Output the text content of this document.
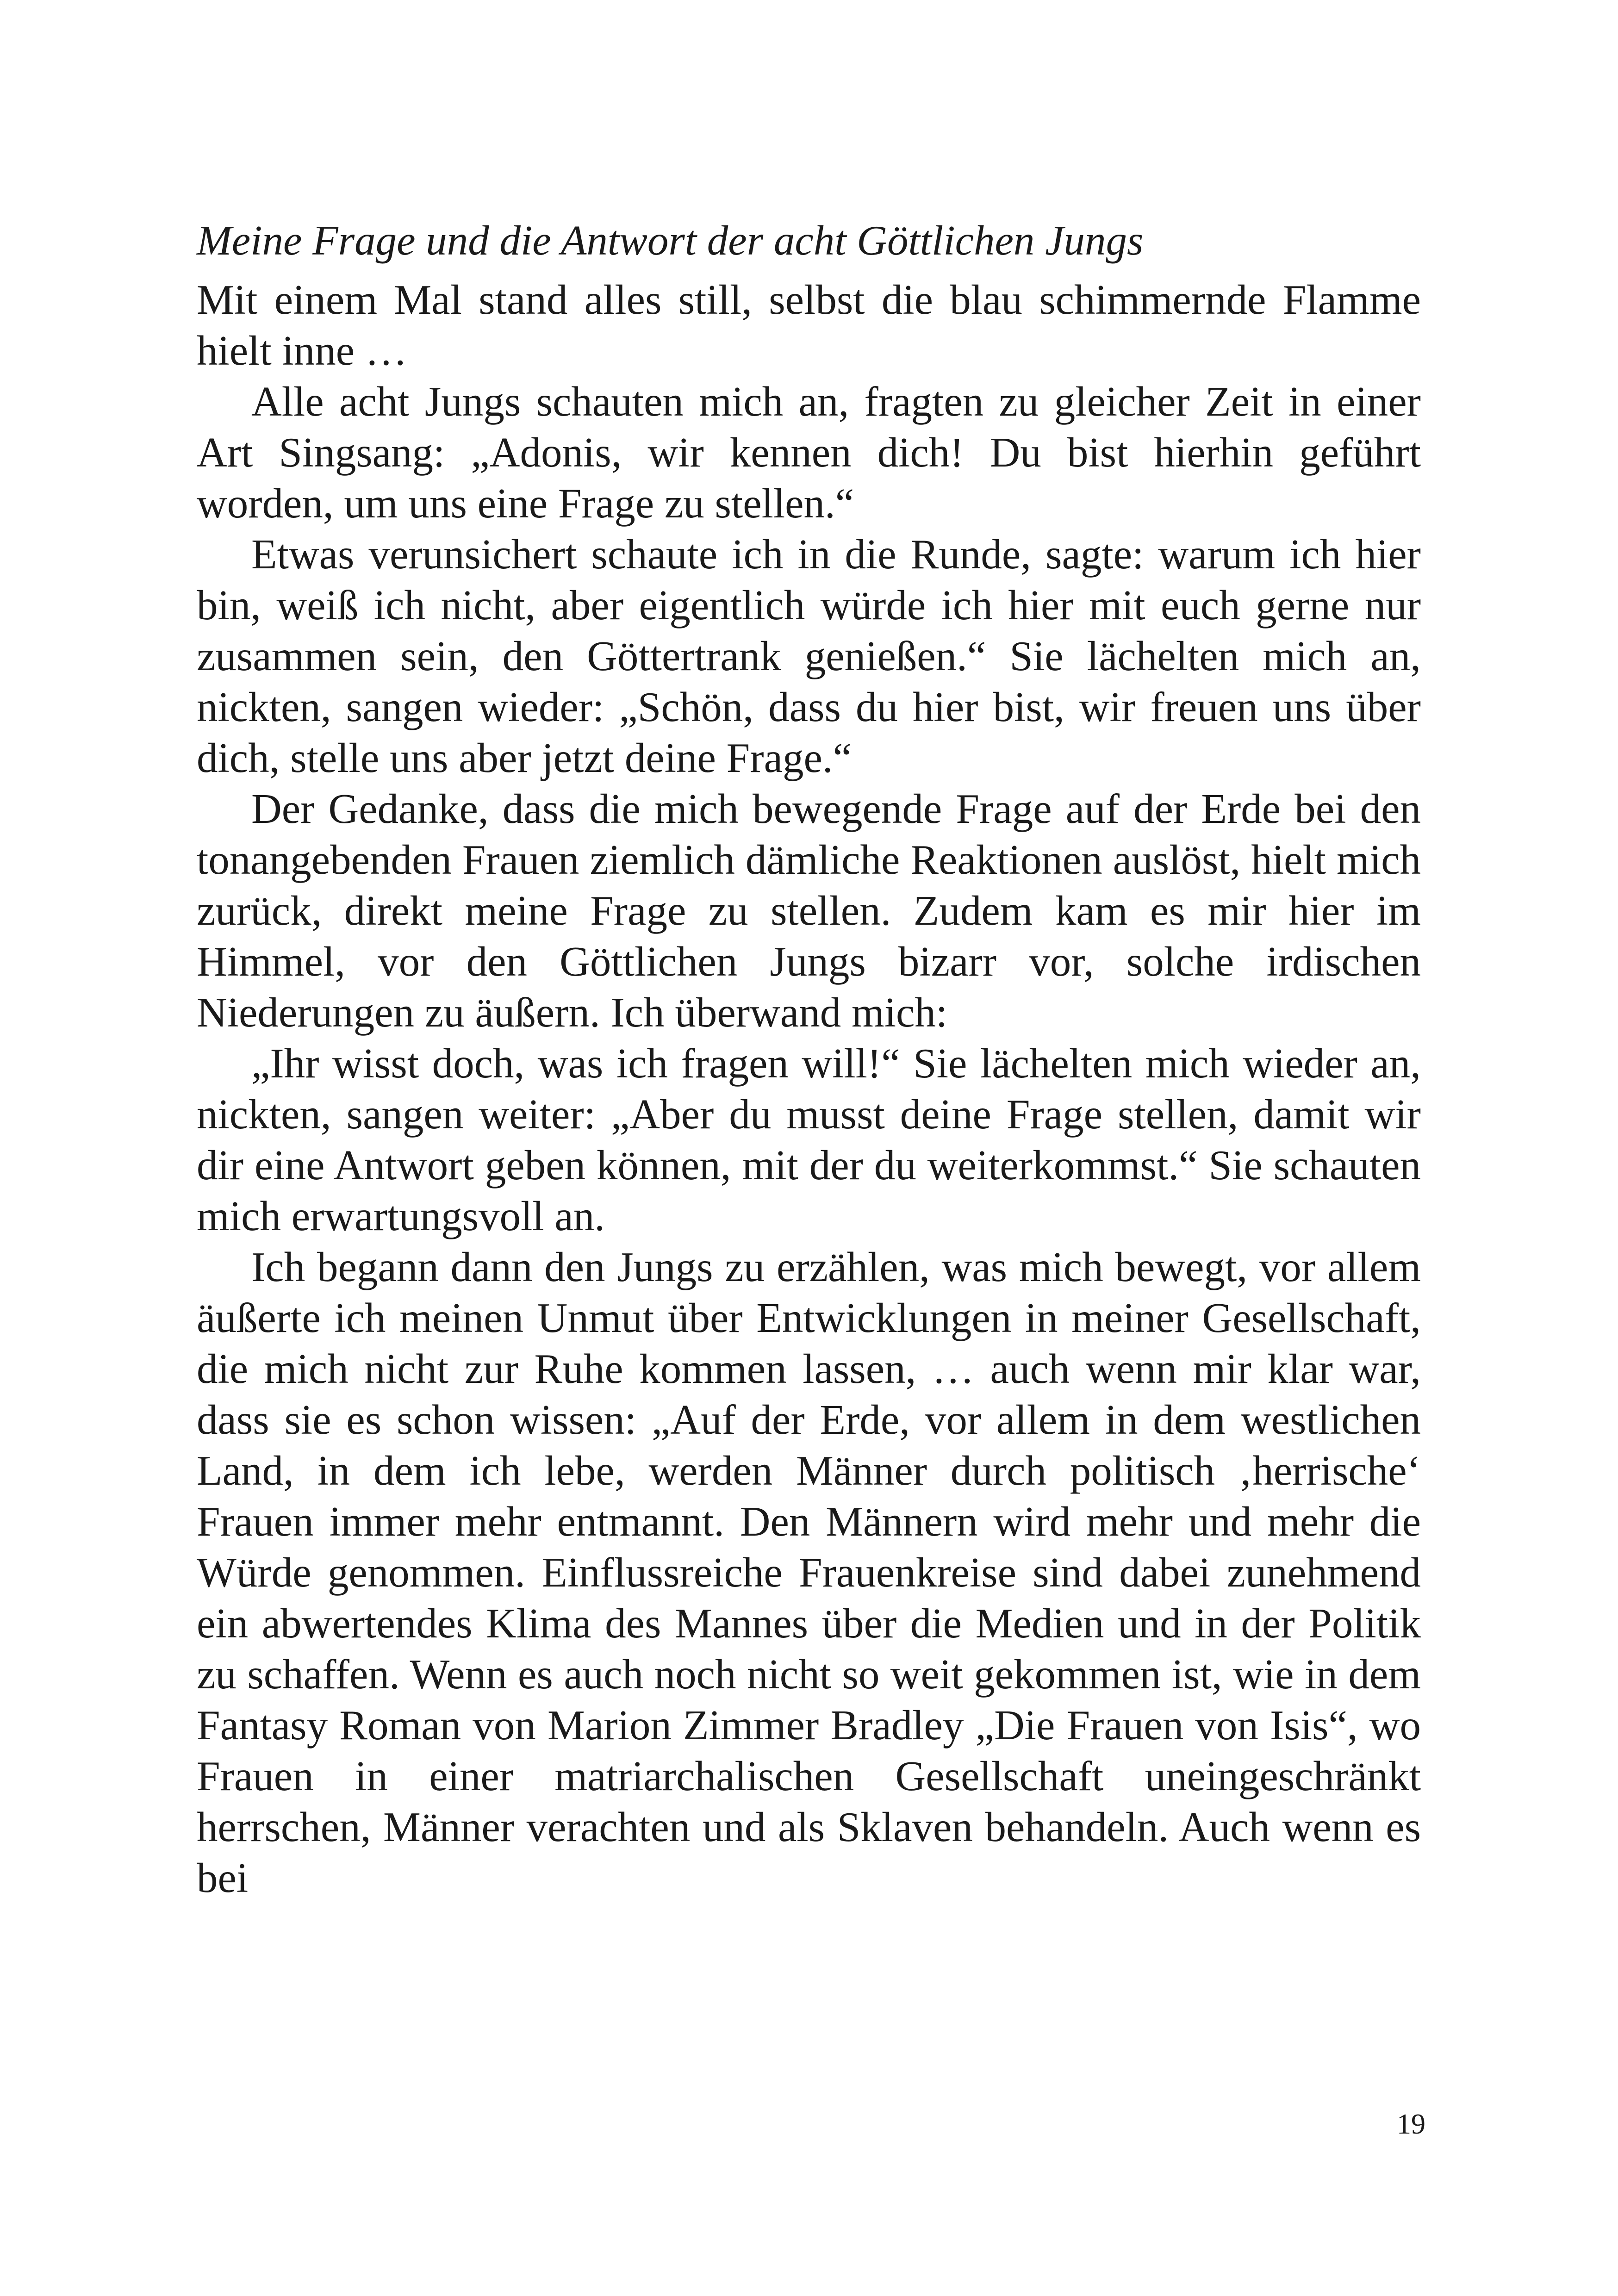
Meine Frage und die Antwort der acht Göttlichen Jungs

Mit einem Mal stand alles still, selbst die blau schimmernde Flamme hielt inne …

Alle acht Jungs schauten mich an, fragten zu gleicher Zeit in einer Art Singsang: „Adonis, wir kennen dich! Du bist hierhin geführt worden, um uns eine Frage zu stellen.“

Etwas verunsichert schaute ich in die Runde, sagte: warum ich hier bin, weiß ich nicht, aber eigentlich würde ich hier mit euch gerne nur zusammen sein, den Göttertrank genießen.“ Sie lächelten mich an, nickten, sangen wieder: „Schön, dass du hier bist, wir freuen uns über dich, stelle uns aber jetzt deine Frage.“

Der Gedanke, dass die mich bewegende Frage auf der Erde bei den tonangebenden Frauen ziemlich dämliche Reaktionen auslöst, hielt mich zurück, direkt meine Frage zu stellen. Zudem kam es mir hier im Himmel, vor den Göttlichen Jungs bizarr vor, solche irdischen Niederungen zu äußern. Ich überwand mich:

„Ihr wisst doch, was ich fragen will!“ Sie lächelten mich wieder an, nickten, sangen weiter: „Aber du musst deine Frage stellen, damit wir dir eine Antwort geben können, mit der du weiterkommst.“ Sie schauten mich erwartungsvoll an.

Ich begann dann den Jungs zu erzählen, was mich bewegt, vor allem äußerte ich meinen Unmut über Entwicklungen in meiner Gesellschaft, die mich nicht zur Ruhe kommen lassen, … auch wenn mir klar war, dass sie es schon wissen: „Auf der Erde, vor allem in dem westlichen Land, in dem ich lebe, werden Männer durch politisch ‚herrische‘ Frauen immer mehr entmannt. Den Männern wird mehr und mehr die Würde genommen. Einflussreiche Frauenkreise sind dabei zunehmend ein abwertendes Klima des Mannes über die Medien und in der Politik zu schaffen. Wenn es auch noch nicht so weit gekommen ist, wie in dem Fantasy Roman von Marion Zimmer Bradley „Die Frauen von Isis“, wo Frauen in einer matriarchalischen Gesellschaft uneingeschränkt herrschen, Männer verachten und als Sklaven behandeln. Auch wenn es bei

19
